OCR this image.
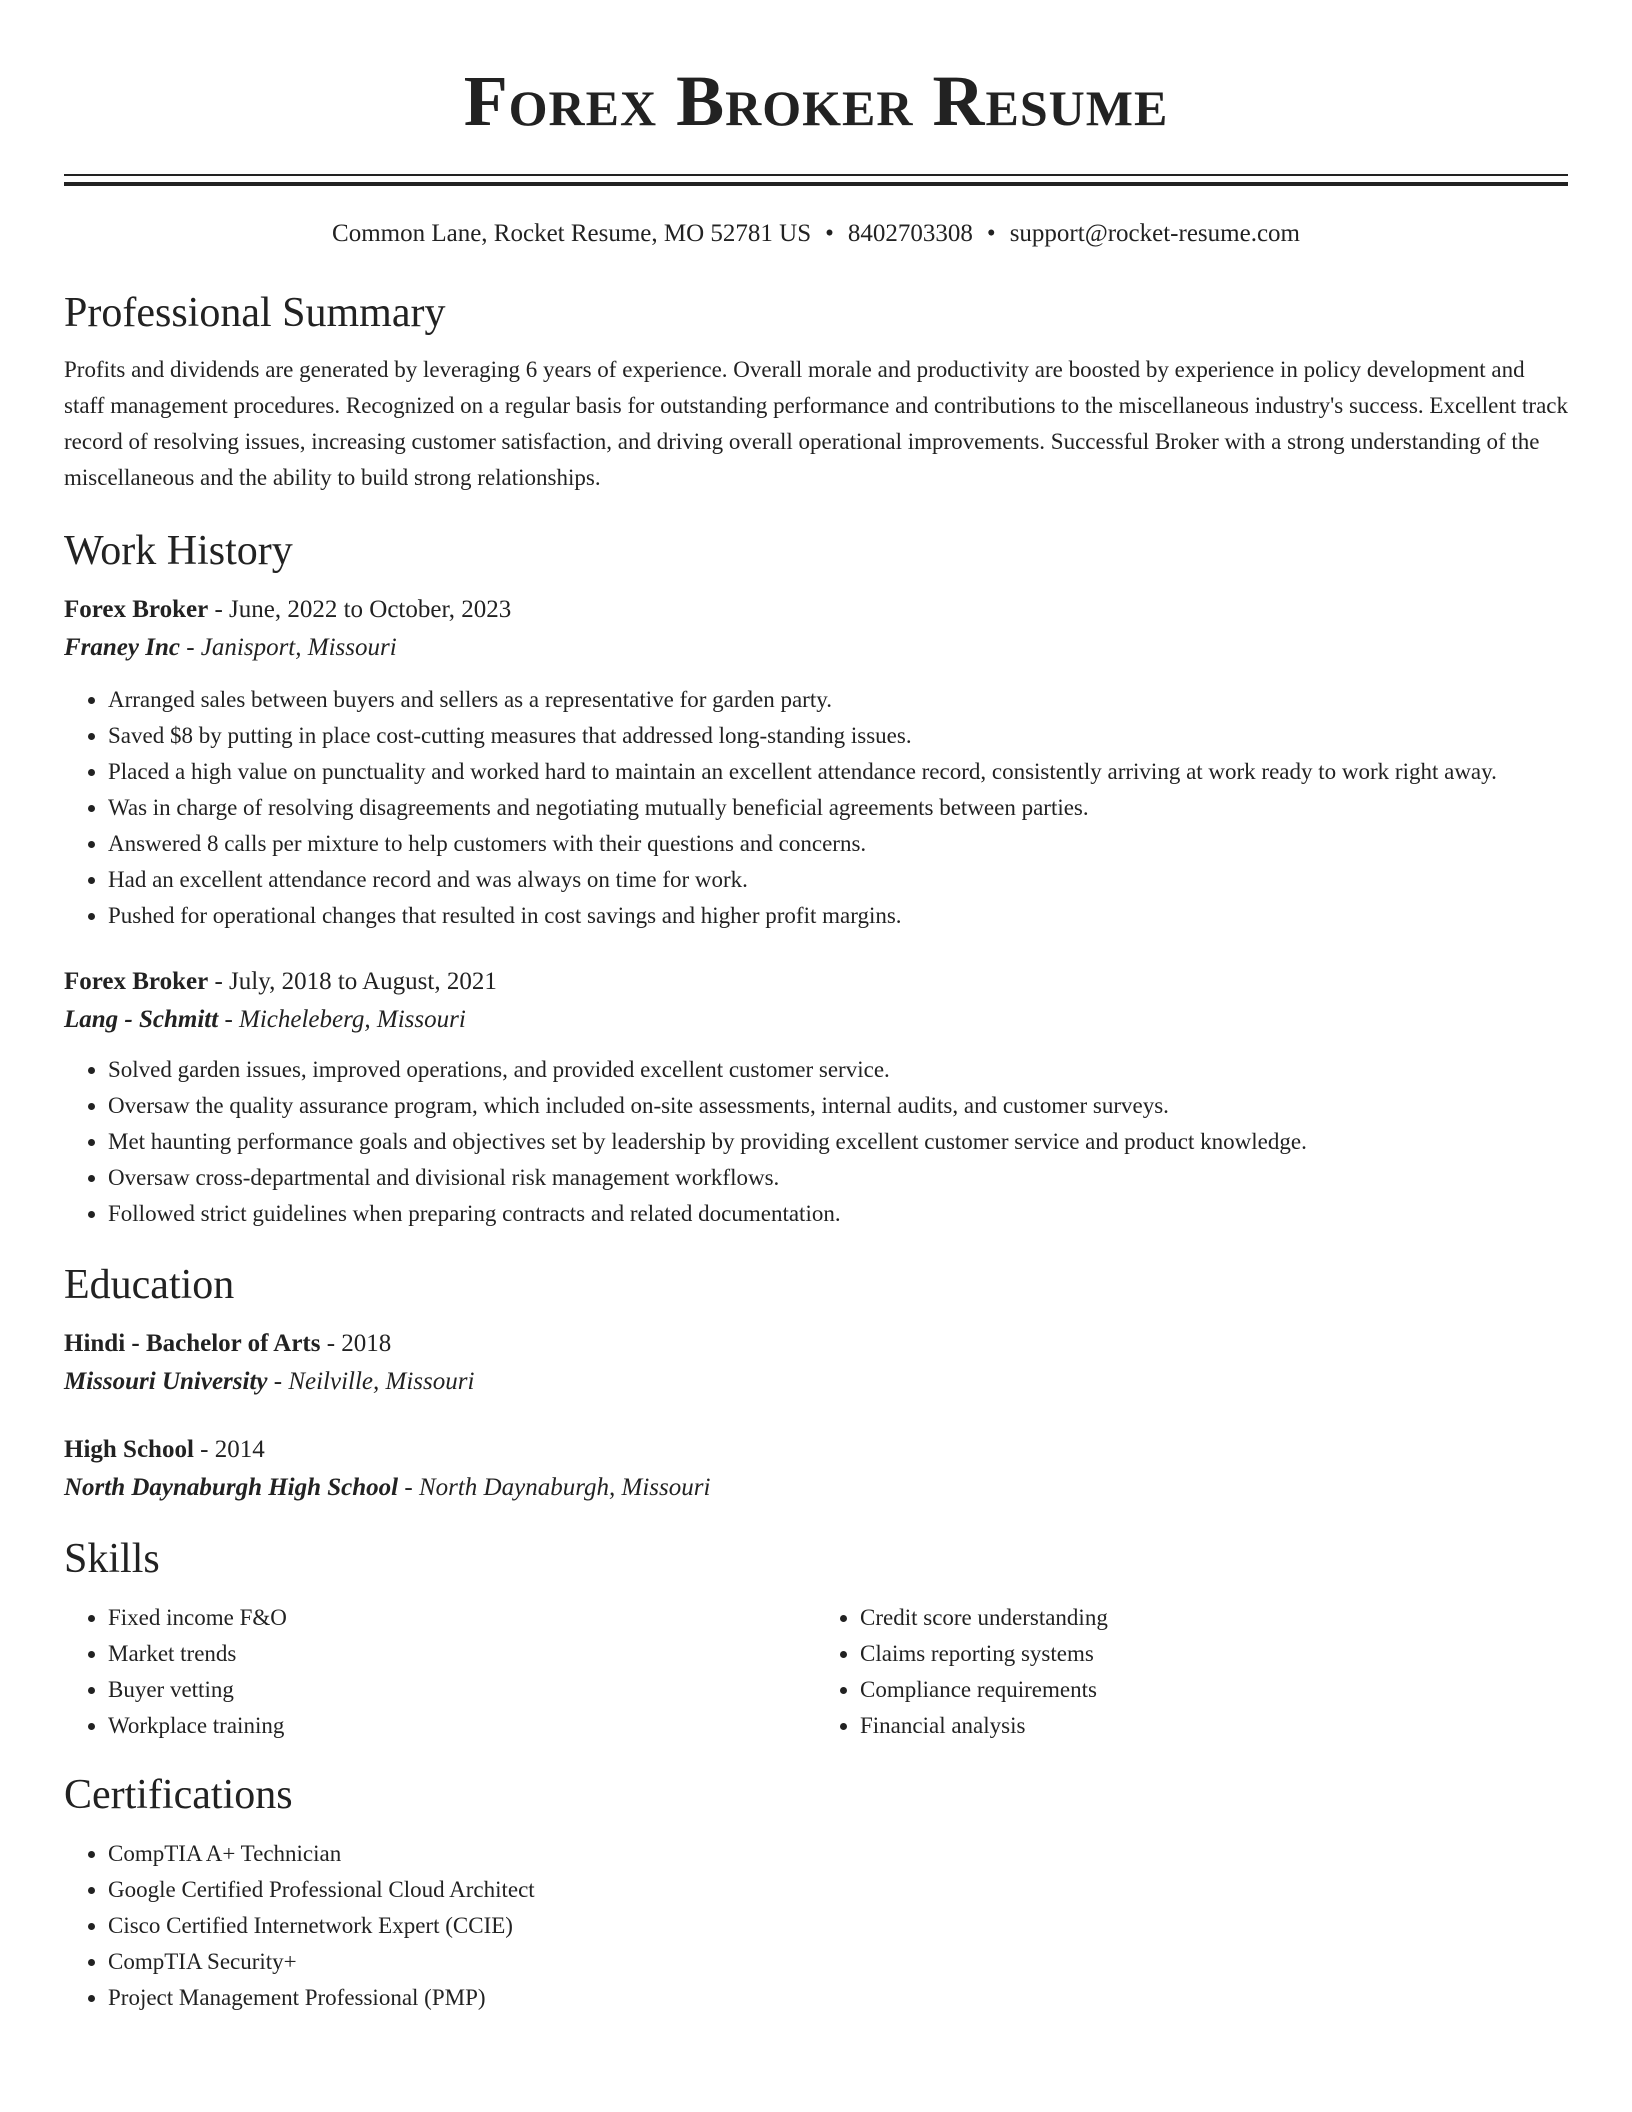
Forex Broker Resume
Common Lane, Rocket Resume, MO 52781 US • 8402703308 • support@rocket-resume.com
Professional Summary

Profits and dividends are generated by leveraging 6 years of experience. Overall morale and productivity are boosted by experience in policy development and staff management procedures. Recognized on a regular basis for outstanding performance and contributions to the miscellaneous industry's success. Excellent track record of resolving issues, increasing customer satisfaction, and driving overall operational improvements. Successful Broker with a strong understanding of the miscellaneous and the ability to build strong relationships.

Work History

Forex Broker - June, 2022 to October, 2023

Franey Inc - Janisport, Missouri

• Arranged sales between buyers and sellers as a representative for garden party.
• Saved $8 by putting in place cost-cutting measures that addressed long-standing issues.
• Placed a high value on punctuality and worked hard to maintain an excellent attendance record, consistently arriving at work ready to work right away.
• Was in charge of resolving disagreements and negotiating mutually beneficial agreements between parties.
• Answered 8 calls per mixture to help customers with their questions and concerns.
• Had an excellent attendance record and was always on time for work.
• Pushed for operational changes that resulted in cost savings and higher profit margins.

Forex Broker - July, 2018 to August, 2021

Lang - Schmitt - Micheleberg, Missouri

• Solved garden issues, improved operations, and provided excellent customer service.
• Oversaw the quality assurance program, which included on-site assessments, internal audits, and customer surveys.
• Met haunting performance goals and objectives set by leadership by providing excellent customer service and product knowledge.
• Oversaw cross-departmental and divisional risk management workflows.
• Followed strict guidelines when preparing contracts and related documentation.
Education

Hindi - Bachelor of Arts - 2018

Missouri University - Neilville, Missouri

High School - 2014

North Daynaburgh High School - North Daynaburgh, Missouri

Skills
• Fixed income F&O
• Market trends
• Buyer vetting
• Workplace training
• Credit score understanding
• Claims reporting systems
• Compliance requirements
• Financial analysis
Certifications
• CompTIA A+ Technician
• Google Certified Professional Cloud Architect
• Cisco Certified Internetwork Expert (CCIE)
• CompTIA Security+
• Project Management Professional (PMP)
